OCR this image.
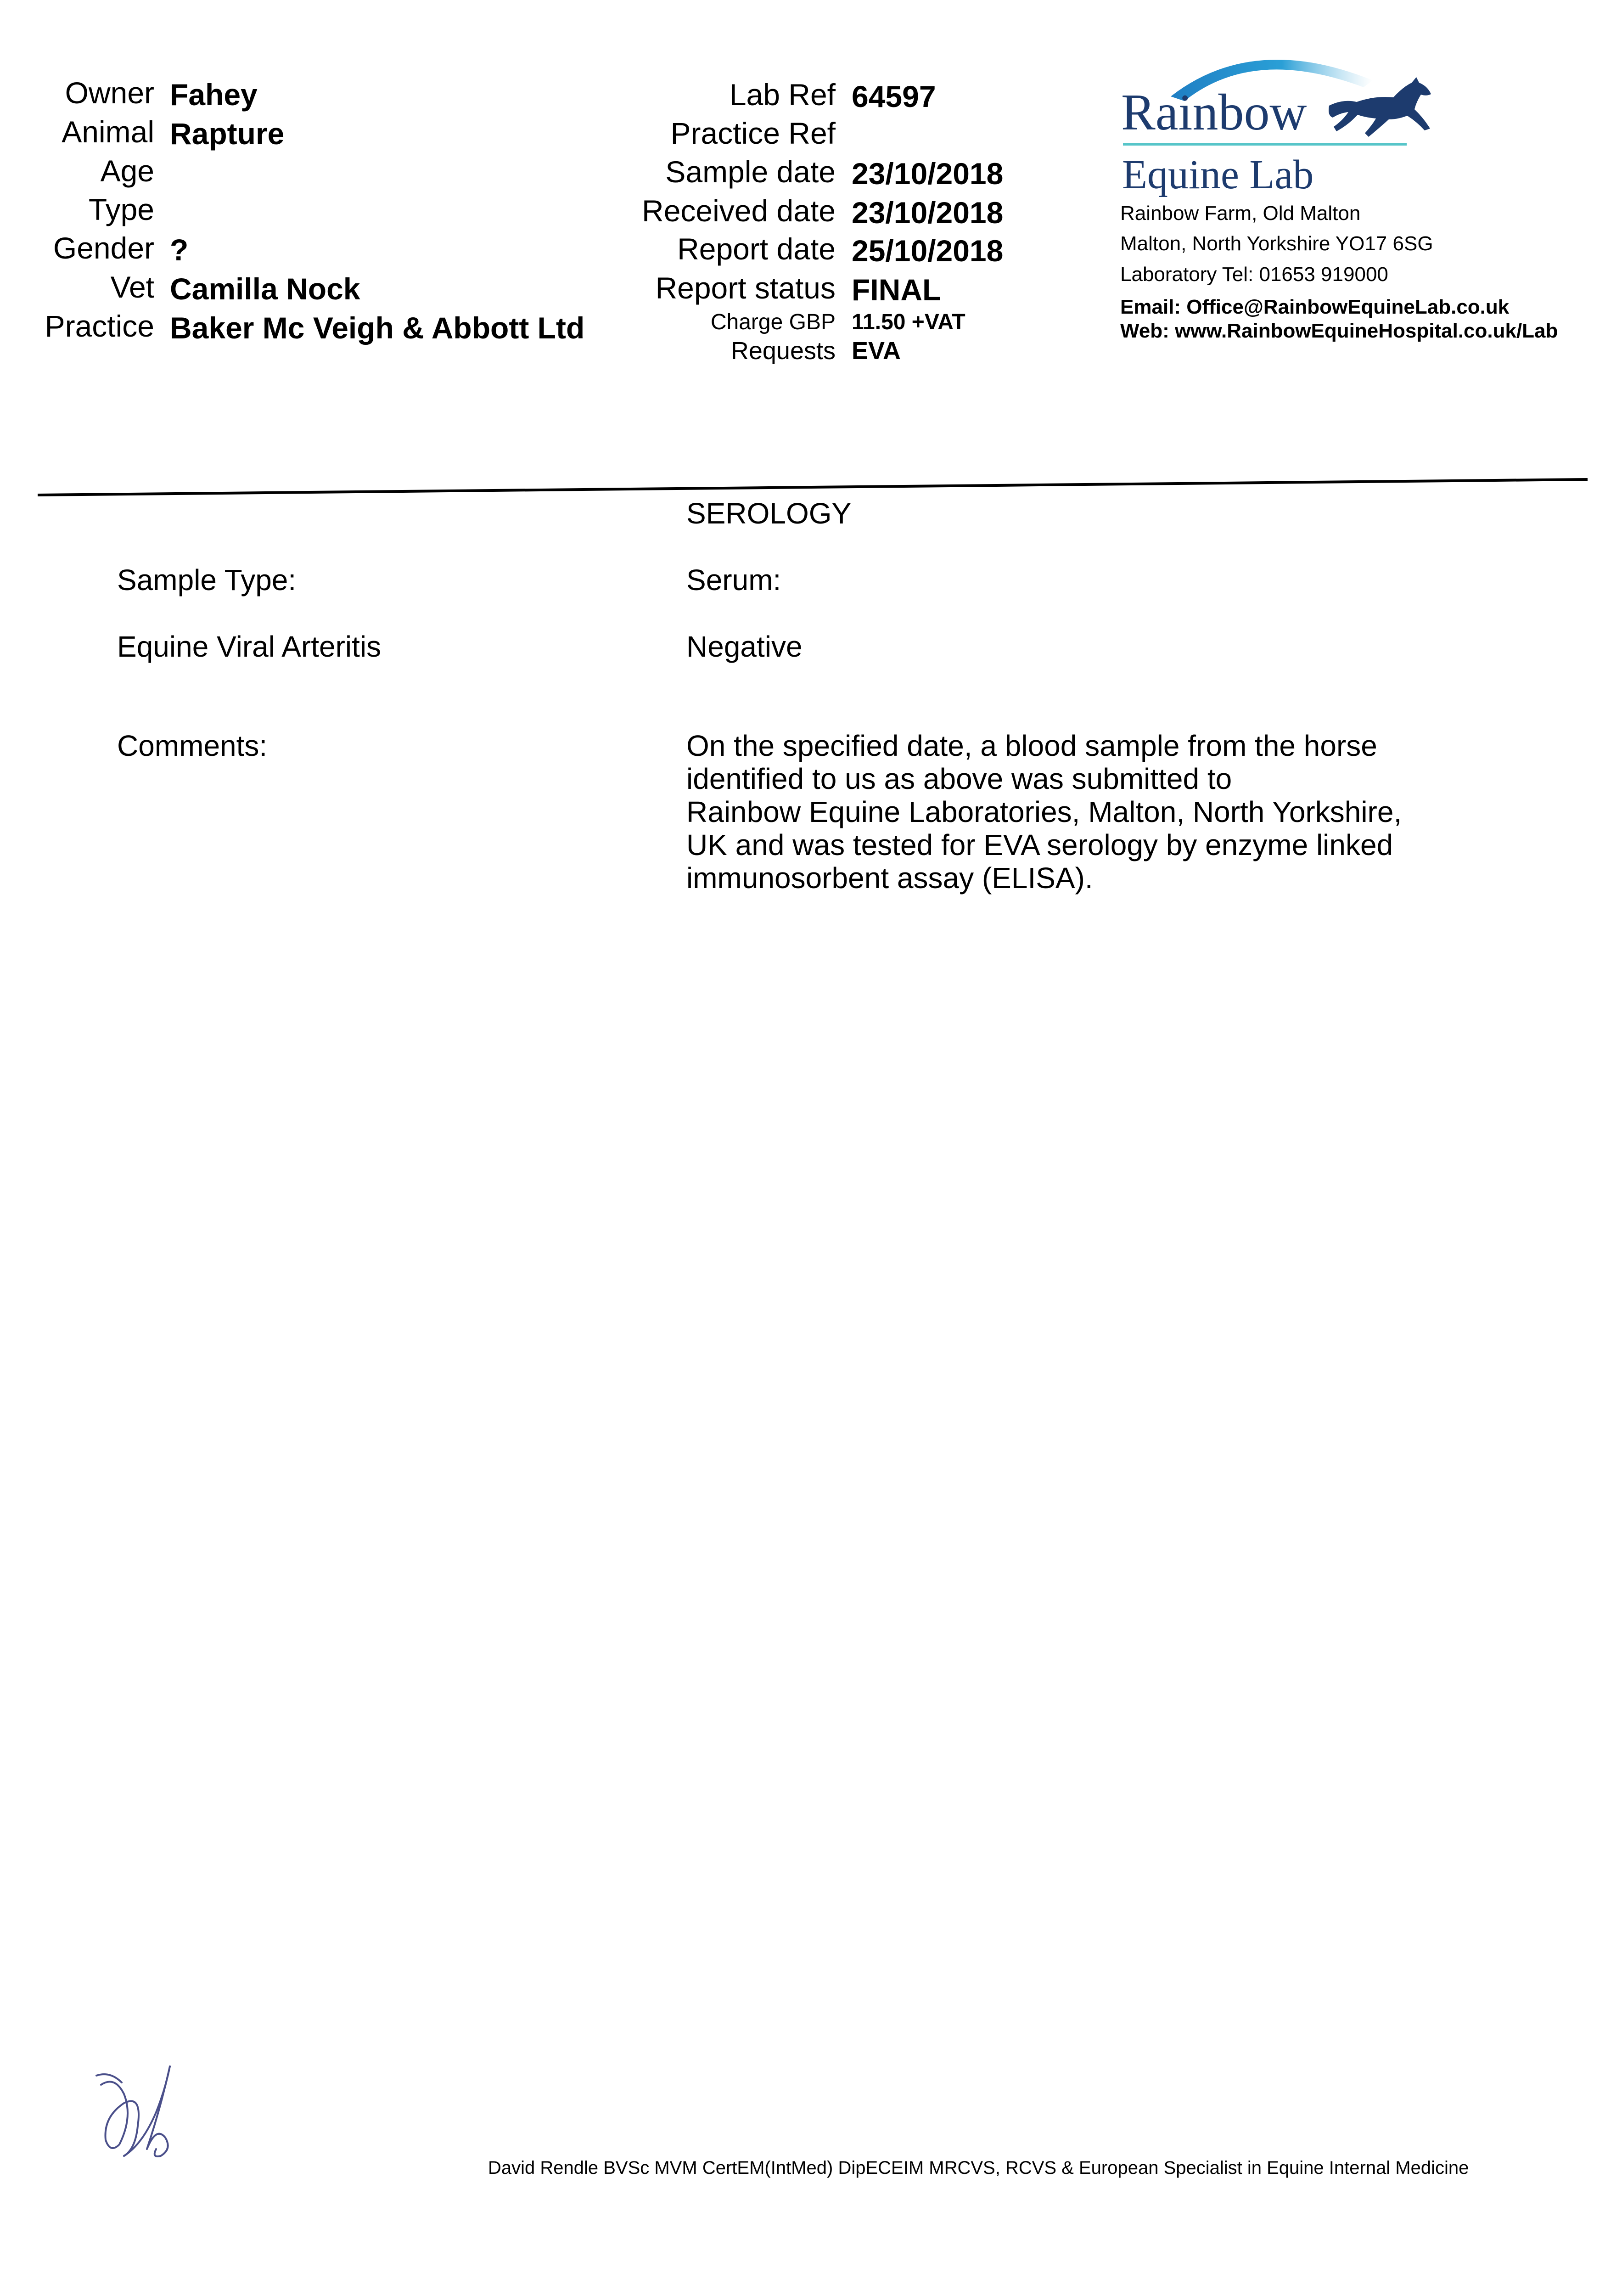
Owner Fahey
Animal Rapture
Age
Type
Gender ?
Vet Camilla Nock
Practice Baker Mc Veigh & Abbott Ltd
Lab Ref 64597
Practice Ref
Sample date 23/10/2018
Received date 23/10/2018
Report date 25/10/2018
Report status FINAL
Charge GBP 11.50 +VAT
Requests EVA
Rainbow
Equine Lab
Rainbow Farm, Old Malton
Malton, North Yorkshire YO17 6SG
Laboratory Tel: 01653 919000
Email: Office@RainbowEquineLab.co.uk
Web: www.RainbowEquineHospital.co.uk/Lab
SEROLOGY
Sample Type:	Serum:
Equine Viral Arteritis	Negative
Comments:	On the specified date, a blood sample from the horse
identified to us as above was submitted to
Rainbow Equine Laboratories, Malton, North Yorkshire,
UK and was tested for EVA serology by enzyme linked
immunosorbent assay (ELISA).
David Rendle BVSc MVM CertEM(IntMed) DipECEIM MRCVS, RCVS & European Specialist in Equine Internal Medicine
